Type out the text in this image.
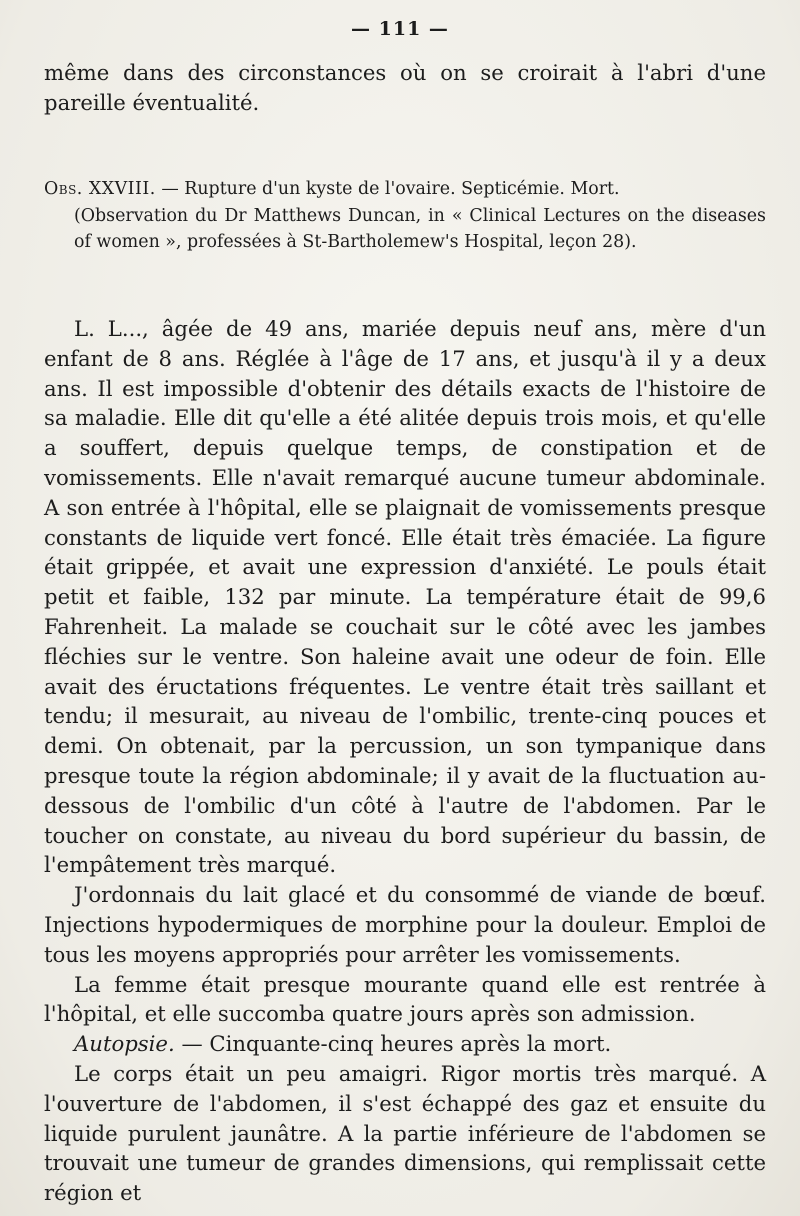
— 111 —

même dans des circonstances où on se croirait à l'abri d'une pareille éventualité.

Obs. XXVIII. — Rupture d'un kyste de l'ovaire. Septicémie. Mort.

(Observation du Dr Matthews Duncan, in « Clinical Lectures on the diseases of women », professées à St-Bartholemew's Hospital, leçon 28).

L. L..., âgée de 49 ans, mariée depuis neuf ans, mère d'un enfant de 8 ans. Réglée à l'âge de 17 ans, et jusqu'à il y a deux ans. Il est impossible d'obtenir des détails exacts de l'histoire de sa maladie. Elle dit qu'elle a été alitée depuis trois mois, et qu'elle a souffert, depuis quelque temps, de constipation et de vomissements. Elle n'avait remarqué aucune tumeur abdominale. A son entrée à l'hôpital, elle se plaignait de vomissements presque constants de liquide vert foncé. Elle était très émaciée. La figure était grippée, et avait une expression d'anxiété. Le pouls était petit et faible, 132 par minute. La température était de 99,6 Fahrenheit. La malade se couchait sur le côté avec les jambes fléchies sur le ventre. Son haleine avait une odeur de foin. Elle avait des éructations fréquentes. Le ventre était très saillant et tendu; il mesurait, au niveau de l'ombilic, trente-cinq pouces et demi. On obtenait, par la percussion, un son tympanique dans presque toute la région abdominale; il y avait de la fluctuation au-dessous de l'ombilic d'un côté à l'autre de l'abdomen. Par le toucher on constate, au niveau du bord supérieur du bassin, de l'empâtement très marqué.

J'ordonnais du lait glacé et du consommé de viande de bœuf. Injections hypodermiques de morphine pour la douleur. Emploi de tous les moyens appropriés pour arrêter les vomissements.

La femme était presque mourante quand elle est rentrée à l'hôpital, et elle succomba quatre jours après son admission.

Autopsie. — Cinquante-cinq heures après la mort.

Le corps était un peu amaigri. Rigor mortis très marqué. A l'ouverture de l'abdomen, il s'est échappé des gaz et ensuite du liquide purulent jaunâtre. A la partie inférieure de l'abdomen se trouvait une tumeur de grandes dimensions, qui remplissait cette région et
